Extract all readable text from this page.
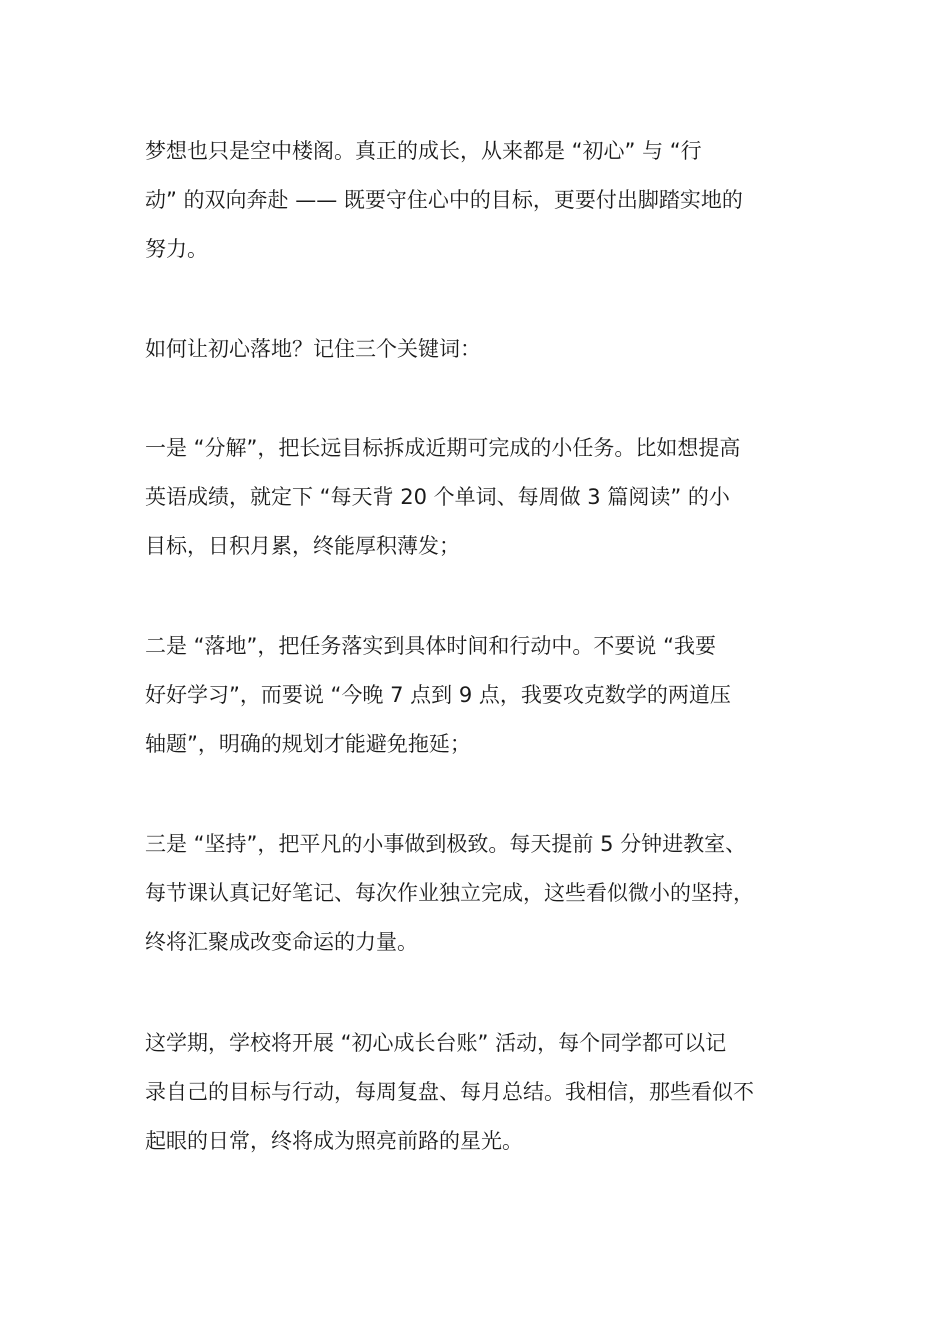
梦想也只是空中楼阁。真正的成长，从来都是 “初心” 与 “行
动” 的双向奔赴 —— 既要守住心中的目标，更要付出脚踏实地的
努力。

如何让初心落地？记住三个关键词：

一是 “分解”，把长远目标拆成近期可完成的小任务。比如想提高
英语成绩，就定下 “每天背 20 个单词、每周做 3 篇阅读” 的小
目标，日积月累，终能厚积薄发；

二是 “落地”，把任务落实到具体时间和行动中。不要说 “我要
好好学习”，而要说 “今晚 7 点到 9 点，我要攻克数学的两道压
轴题”，明确的规划才能避免拖延；

三是 “坚持”，把平凡的小事做到极致。每天提前 5 分钟进教室、
每节课认真记好笔记、每次作业独立完成，这些看似微小的坚持，
终将汇聚成改变命运的力量。

这学期，学校将开展 “初心成长台账” 活动，每个同学都可以记
录自己的目标与行动，每周复盘、每月总结。我相信，那些看似不
起眼的日常，终将成为照亮前路的星光。
